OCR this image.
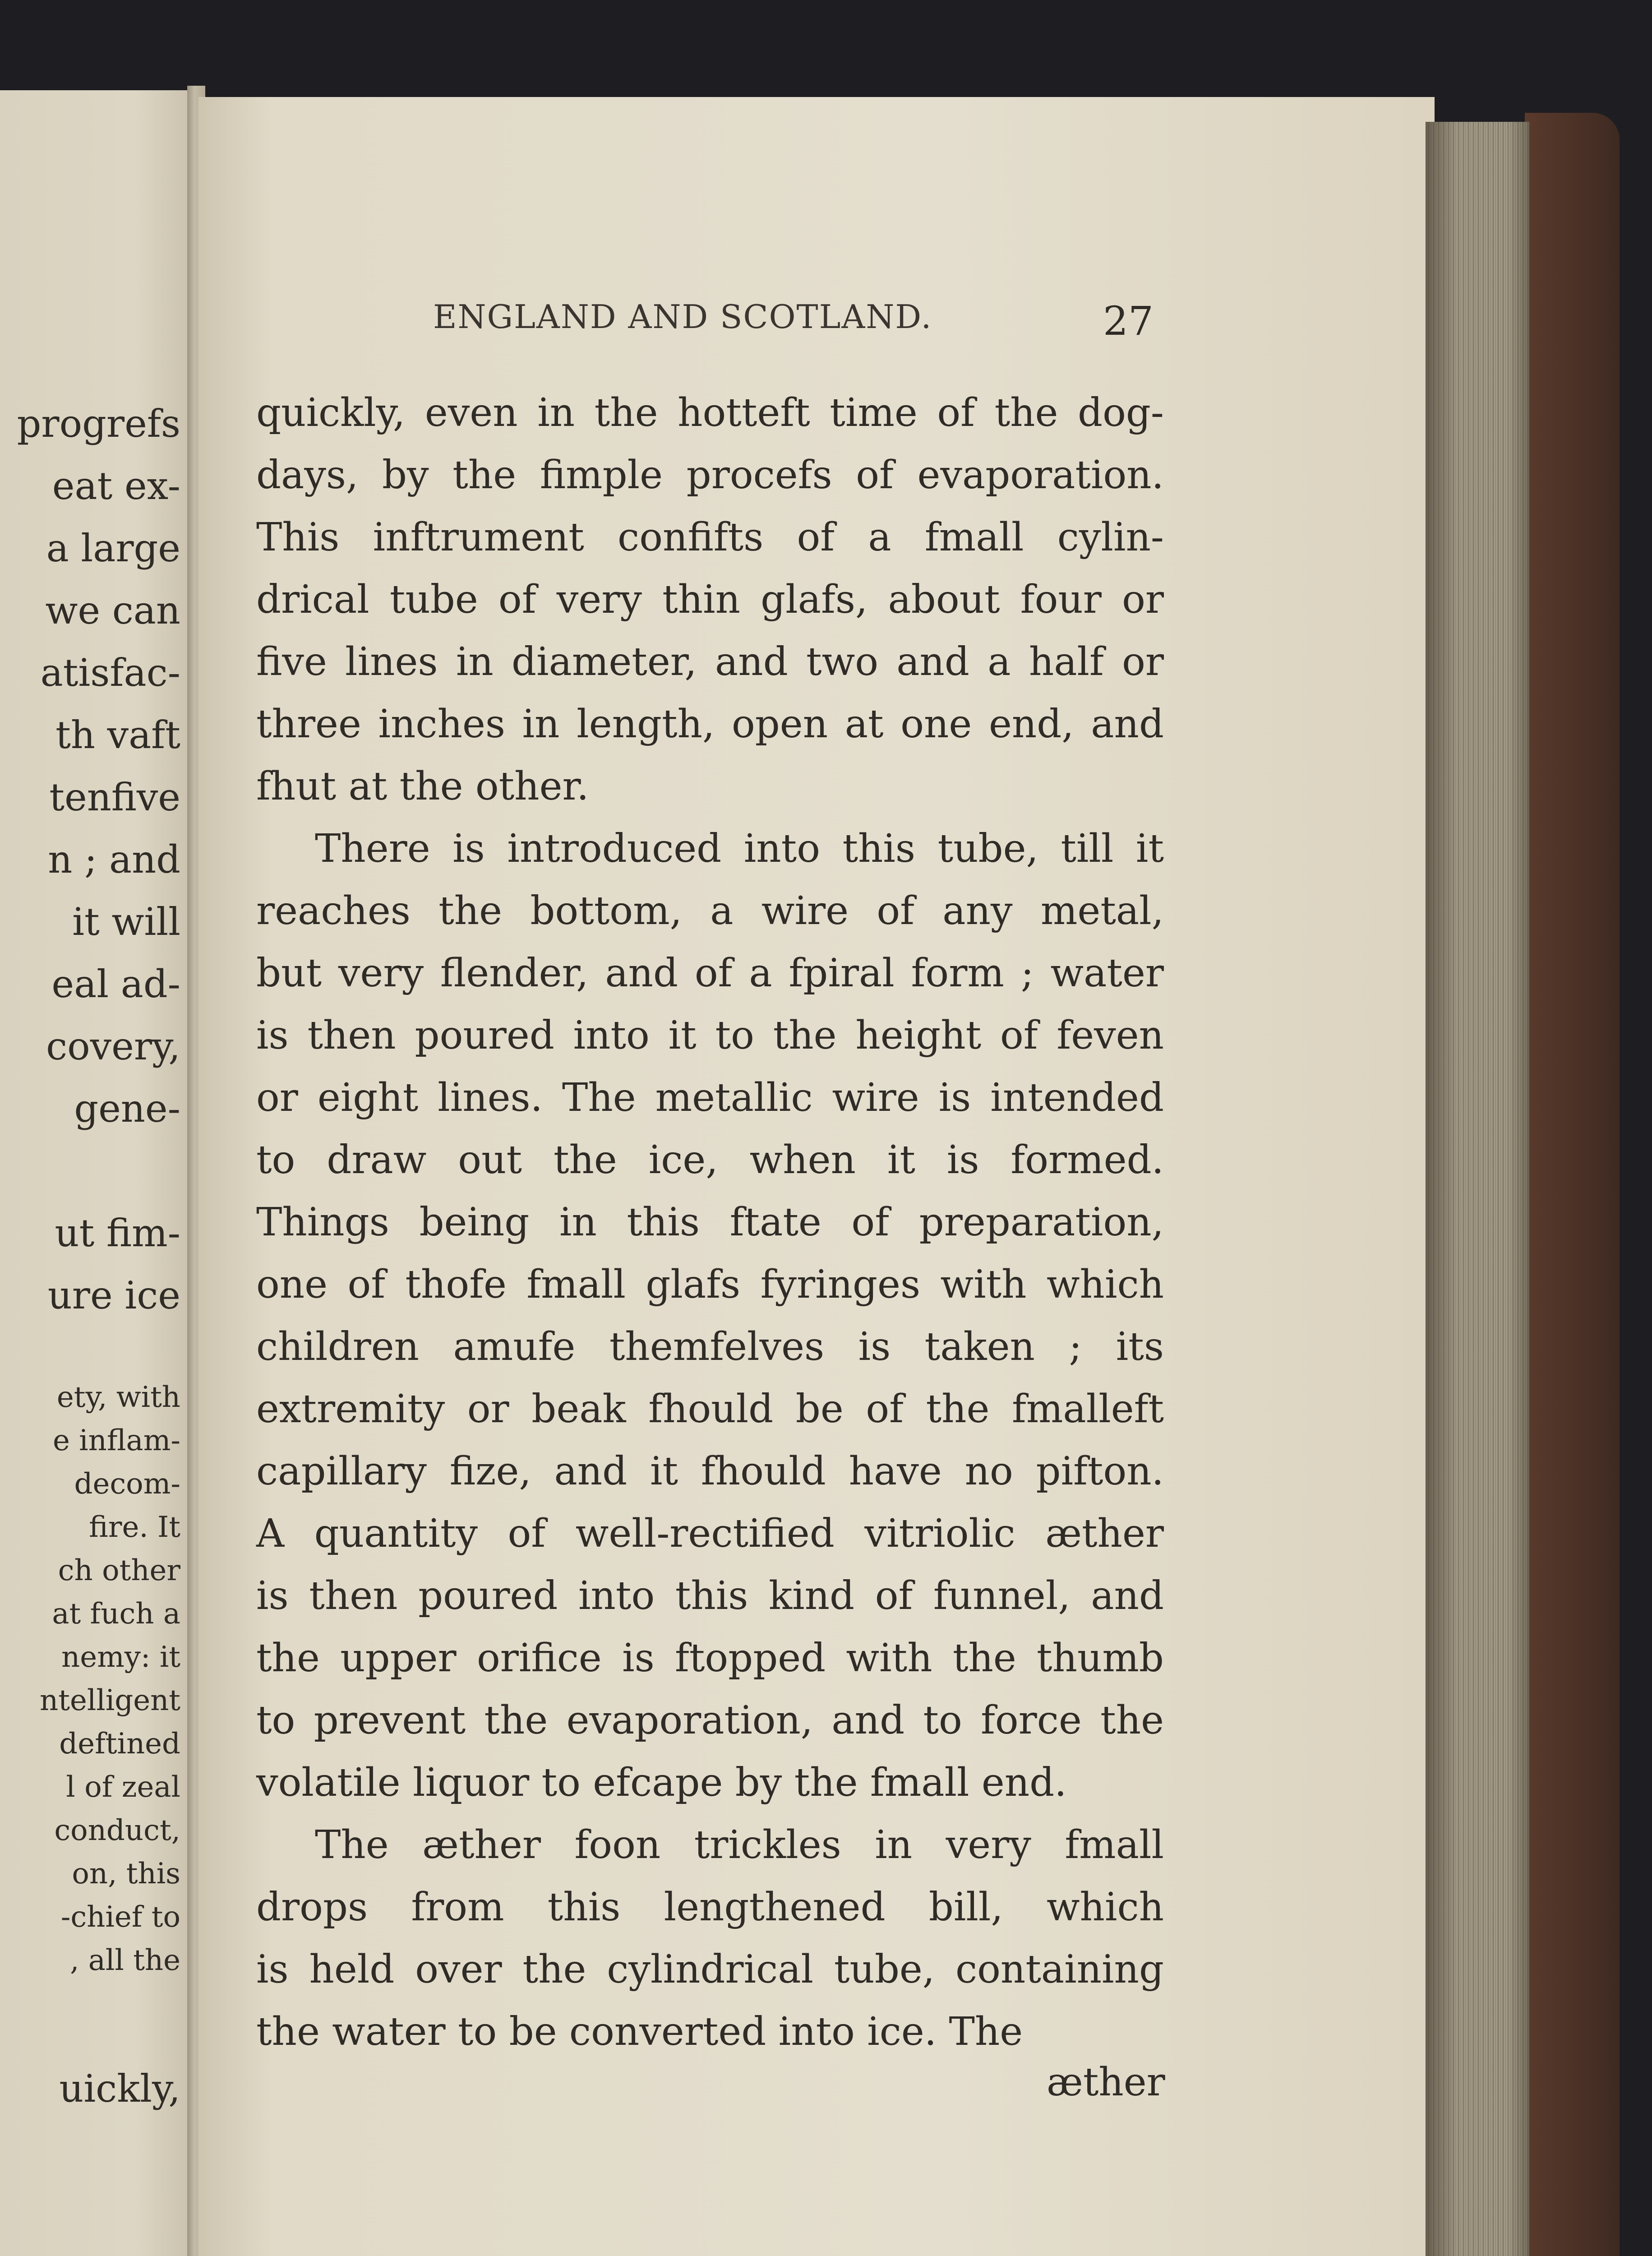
progrefs
eat ex-
a large
we can
atisfac-
th vaft
tenfive
n ; and
it will
eal ad-
covery,
gene-
ut fim-
ure ice
ety, with
e inflam-
decom-
fire. It
ch other
at fuch a
nemy: it
ntelligent
deftined
l of zeal
conduct,
on, this
-chief to
, all the
uickly,
ENGLAND AND SCOTLAND.	27
quickly, even in the hotteft time of the dog-
days, by the fimple procefs of evaporation.
This inftrument confifts of a fmall cylin-
drical tube of very thin glafs, about four or
five lines in diameter, and two and a half or
three inches in length, open at one end, and
fhut at the other.
There is introduced into this tube, till it
reaches the bottom, a wire of any metal,
but very flender, and of a fpiral form ; water
is then poured into it to the height of feven
or eight lines. The metallic wire is intended
to draw out the ice, when it is formed.
Things being in this ftate of preparation,
one of thofe fmall glafs fyringes with which
children amufe themfelves is taken ; its
extremity or beak fhould be of the fmalleft
capillary fize, and it fhould have no pifton.
A quantity of well-rectified vitriolic æther
is then poured into this kind of funnel, and
the upper orifice is ftopped with the thumb
to prevent the evaporation, and to force the
volatile liquor to efcape by the fmall end.
The æther foon trickles in very fmall
drops from this lengthened bill, which
is held over the cylindrical tube, containing
the water to be converted into ice. The
æther
